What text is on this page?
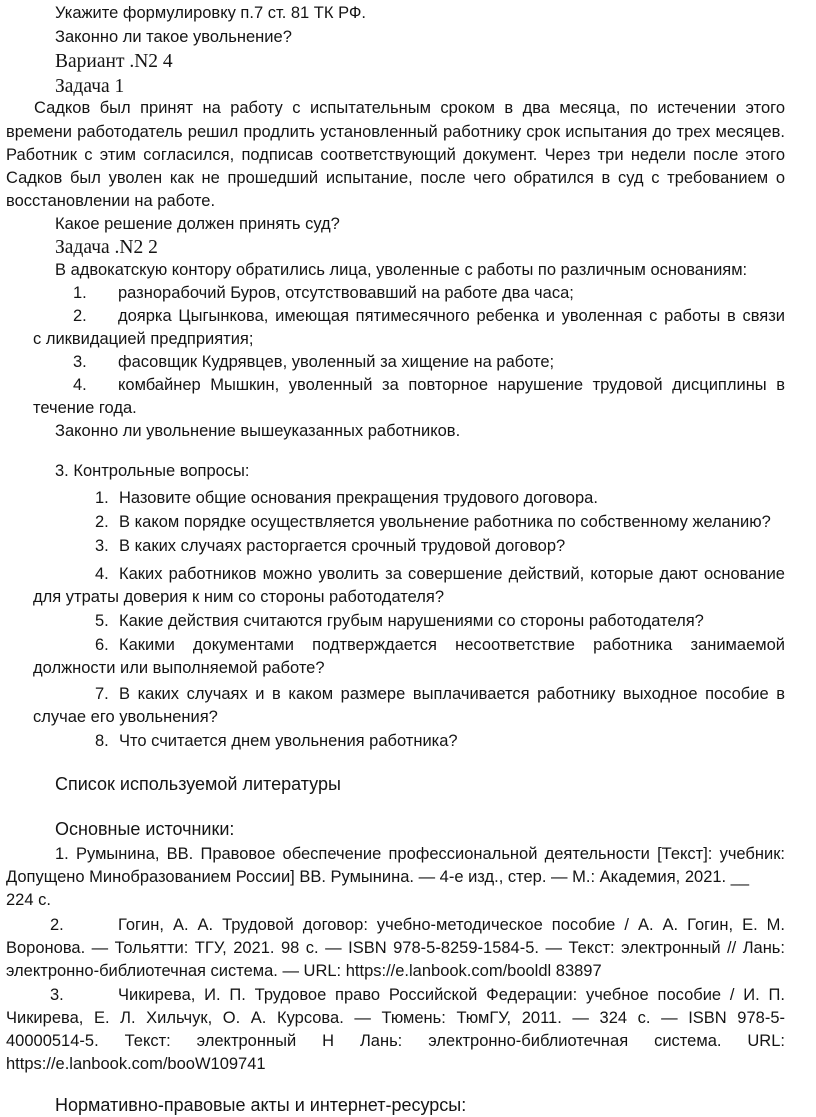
Укажите формулировку п.7 ст. 81 ТК РФ.

Законно ли такое увольнение?

Вариант .N2 4

Задача 1

Садков был принят на работу с испытательным сроком в два месяца, по истечении этого

времени работодатель решил продлить установленный работнику срок испытания до трех месяцев.

Работник с этим согласился, подписав соответствующий документ. Через три недели после этого

Садков был уволен как не прошедший испытание, после чего обратился в суд с требованием о

восстановлении на работе.

Какое решение должен принять суд?

Задача .N2 2

В адвокатскую контору обратились лица, уволенные с работы по различным основаниям:

1. разнорабочий Буров, отсутствовавший на работе два часа;

2. доярка Цыгынкова, имеющая пятимесячного ребенка и уволенная с работы в связи

с ликвидацией предприятия;

3. фасовщик Кудрявцев, уволенный за хищение на работе;

4. комбайнер Мышкин, уволенный за повторное нарушение трудовой дисциплины в

течение года.

Законно ли увольнение вышеуказанных работников.

3. Контрольные вопросы:

1. Назовите общие основания прекращения трудового договора.

2. В каком порядке осуществляется увольнение работника по собственному желанию?

3. В каких случаях расторгается срочный трудовой договор?

4. Каких работников можно уволить за совершение действий, которые дают основание

для утраты доверия к ним со стороны работодателя?

5. Какие действия считаются грубым нарушениями со стороны работодателя?

6. Какими документами подтверждается несоответствие работника занимаемой

должности или выполняемой работе?

7. В каких случаях и в каком размере выплачивается работнику выходное пособие в

случае его увольнения?

8. Что считается днем увольнения работника?

Список используемой литературы

Основные источники:

1. Румынина, ВВ. Правовое обеспечение профессиональной деятельности [Текст]: учебник:

Допущено Минобразованием России] ВВ. Румынина. — 4-е изд., стер. — М.: Академия, 2021. __

224 с.

2.	Гогин, А. А. Трудовой договор: учебно-методическое пособие / А. А. Гогин, Е. М.

Воронова. — Тольятти: ТГУ, 2021. 98 с. — ISBN 978-5-8259-1584-5. — Текст: электронный // Лань:

электронно-библиотечная система. — URL: https://e.lanbook.com/booldl 83897

3.	Чикирева, И. П. Трудовое право Российской Федерации: учебное пособие / И. П.

Чикирева, Е. Л. Хильчук, О. А. Курсова. — Тюмень: ТюмГУ, 2011. — 324 с. — ISBN 978-5-

40000514-5. Текст: электронный Н Лань: электронно-библиотечная система. URL:

https://e.lanbook.com/booW109741

Нормативно-правовые акты и интернет-ресурсы:
